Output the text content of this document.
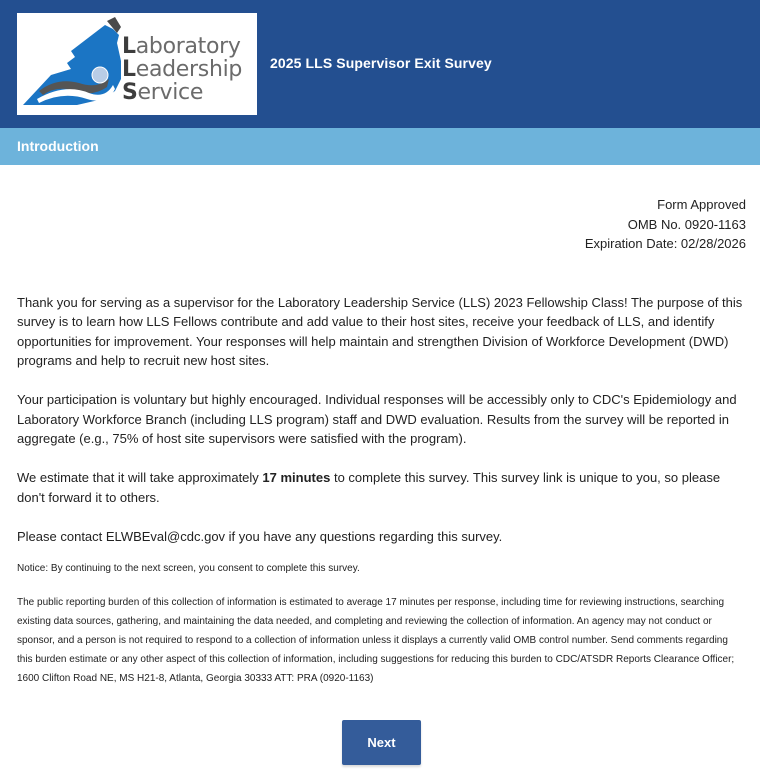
Laboratory
Leadership
Service
2025 LLS Supervisor Exit Survey
Introduction
Form Approved
OMB No. 0920-1163
Expiration Date: 02/28/2026

Thank you for serving as a supervisor for the Laboratory Leadership Service (LLS) 2023 Fellowship Class! The purpose of this survey is to learn how LLS Fellows contribute and add value to their host sites, receive your feedback of LLS, and identify opportunities for improvement. Your responses will help maintain and strengthen Division of Workforce Development (DWD) programs and help to recruit new host sites.

Your participation is voluntary but highly encouraged. Individual responses will be accessibly only to CDC's Epidemiology and Laboratory Workforce Branch (including LLS program) staff and DWD evaluation. Results from the survey will be reported in aggregate (e.g., 75% of host site supervisors were satisfied with the program).

We estimate that it will take approximately 17 minutes to complete this survey. This survey link is unique to you, so please don't forward it to others.

Please contact ELWBEval@cdc.gov if you have any questions regarding this survey.

Notice: By continuing to the next screen, you consent to complete this survey.

The public reporting burden of this collection of information is estimated to average 17 minutes per response, including time for reviewing instructions, searching existing data sources, gathering, and maintaining the data needed, and completing and reviewing the collection of information. An agency may not conduct or sponsor, and a person is not required to respond to a collection of information unless it displays a currently valid OMB control number. Send comments regarding this burden estimate or any other aspect of this collection of information, including suggestions for reducing this burden to CDC/ATSDR Reports Clearance Officer; 1600 Clifton Road NE, MS H21-8, Atlanta, Georgia 30333 ATT: PRA (0920-1163)

Next
